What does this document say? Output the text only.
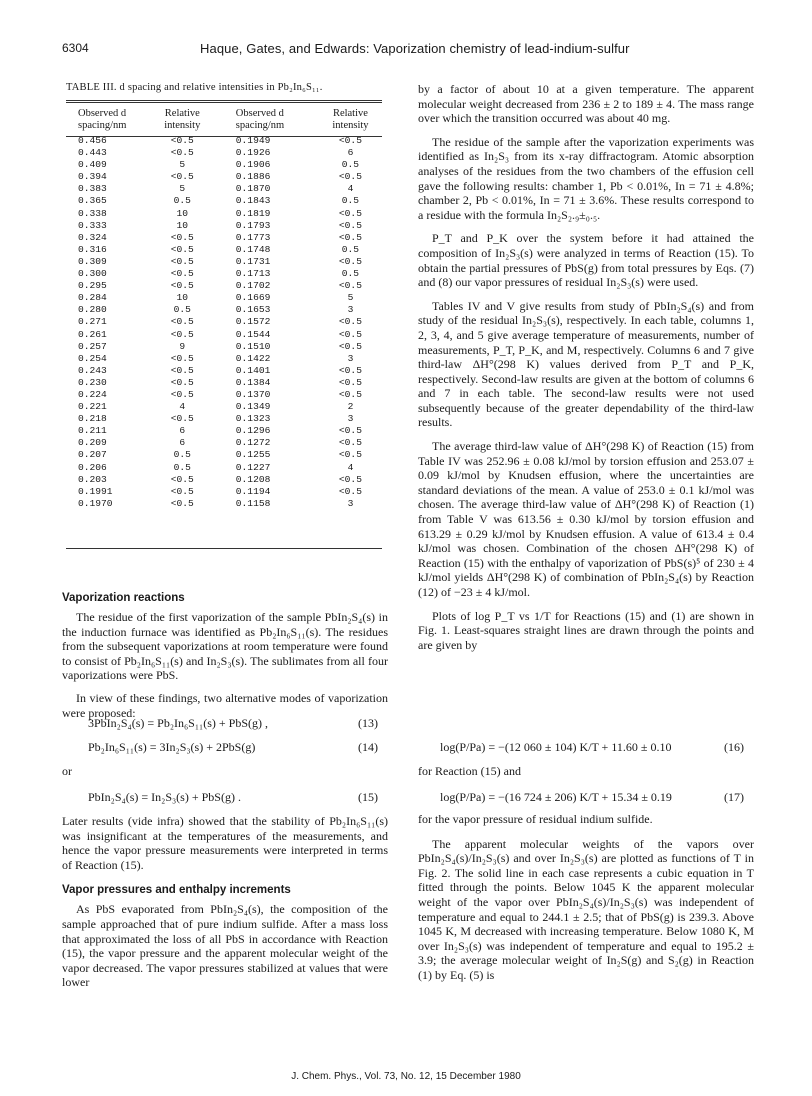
6304	Haque, Gates, and Edwards: Vaporization chemistry of lead-indium-sulfur
TABLE III. d spacing and relative intensities in Pb₂In₆S₁₁.
Observed d spacing/nm	Relative intensity	Observed d spacing/nm	Relative intensity
0.456	<0.5	0.1949	<0.5
0.443	<0.5	0.1926	6
0.409	5	0.1906	0.5
0.394	<0.5	0.1886	<0.5
0.383	5	0.1870	4
0.365	0.5	0.1843	0.5
0.338	10	0.1819	<0.5
0.333	10	0.1793	<0.5
0.324	<0.5	0.1773	<0.5
0.316	<0.5	0.1748	0.5
0.309	<0.5	0.1731	<0.5
0.300	<0.5	0.1713	0.5
0.295	<0.5	0.1702	<0.5
0.284	10	0.1669	5
0.280	0.5	0.1653	3
0.271	<0.5	0.1572	<0.5
0.261	<0.5	0.1544	<0.5
0.257	9	0.1510	<0.5
0.254	<0.5	0.1422	3
0.243	<0.5	0.1401	<0.5
0.230	<0.5	0.1384	<0.5
0.224	<0.5	0.1370	<0.5
0.221	4	0.1349	2
0.218	<0.5	0.1323	3
0.211	6	0.1296	<0.5
0.209	6	0.1272	<0.5
0.207	0.5	0.1255	<0.5
0.206	0.5	0.1227	4
0.203	<0.5	0.1208	<0.5
0.1991	<0.5	0.1194	<0.5
0.1970	<0.5	0.1158	3
Vaporization reactions

The residue of the first vaporization of the sample PbIn₂S₄(s) in the induction furnace was identified as Pb₂In₆S₁₁(s). The residues from the subsequent vaporizations at room temperature were found to consist of Pb₂In₆S₁₁(s) and In₂S₃(s). The sublimates from all four vaporizations were PbS.

In view of these findings, two alternative modes of vaporization were proposed:

3PbIn₂S₄(s) = Pb₂In₆S₁₁(s) + PbS(g) ,	(13)
Pb₂In₆S₁₁(s) = 3In₂S₃(s) + 2PbS(g)	(14)
or
PbIn₂S₄(s) = In₂S₃(s) + PbS(g) .	(15)

Later results (vide infra) showed that the stability of Pb₂In₆S₁₁(s) was insignificant at the temperatures of the measurements, and hence the vapor pressure measurements were interpreted in terms of Reaction (15).

Vapor pressures and enthalpy increments

As PbS evaporated from PbIn₂S₄(s), the composition of the sample approached that of pure indium sulfide. After a mass loss that approximated the loss of all PbS in accordance with Reaction (15), the vapor pressure and the apparent molecular weight of the vapor decreased. The vapor pressures stabilized at values that were lower

by a factor of about 10 at a given temperature. The apparent molecular weight decreased from 236 ± 2 to 189 ± 4. The mass range over which the transition occurred was about 40 mg.

The residue of the sample after the vaporization experiments was identified as In₂S₃ from its x-ray diffractogram. Atomic absorption analyses of the residues from the two chambers of the effusion cell gave the following results: chamber 1, Pb < 0.01%, In = 71 ± 4.8%; chamber 2, Pb < 0.01%, In = 71 ± 3.6%. These results correspond to a residue with the formula In₂S₂.₉±₀.₅.

P_T and P_K over the system before it had attained the composition of In₂S₃(s) were analyzed in terms of Reaction (15). To obtain the partial pressures of PbS(g) from total pressures by Eqs. (7) and (8) our vapor pressures of residual In₂S₃(s) were used.

Tables IV and V give results from study of PbIn₂S₄(s) and from study of the residual In₂S₃(s), respectively. In each table, columns 1, 2, 3, 4, and 5 give average temperature of measurements, number of measurements, P_T, P_K, and M, respectively. Columns 6 and 7 give third-law ΔH°(298 K) values derived from P_T and P_K, respectively. Second-law results are given at the bottom of columns 6 and 7 in each table. The second-law results were not used subsequently because of the greater dependability of the third-law results.

The average third-law value of ΔH°(298 K) of Reaction (15) from Table IV was 252.96 ± 0.08 kJ/mol by torsion effusion and 253.07 ± 0.09 kJ/mol by Knudsen effusion, where the uncertainties are standard deviations of the mean. A value of 253.0 ± 0.1 kJ/mol was chosen. The average third-law value of ΔH°(298 K) of Reaction (1) from Table V was 613.56 ± 0.30 kJ/mol by torsion effusion and 613.29 ± 0.29 kJ/mol by Knudsen effusion. A value of 613.4 ± 0.4 kJ/mol was chosen. Combination of the chosen ΔH°(298 K) of Reaction (15) with the enthalpy of vaporization of PbS(s)⁵ of 230 ± 4 kJ/mol yields ΔH°(298 K) of combination of PbIn₂S₄(s) by Reaction (12) of −23 ± 4 kJ/mol.

Plots of log P_T vs 1/T for Reactions (15) and (1) are shown in Fig. 1. Least-squares straight lines are drawn through the points and are given by

log(P/Pa) = −(12 060 ± 104) K/T + 11.60 ± 0.10	(16)
for Reaction (15) and
log(P/Pa) = −(16 724 ± 206) K/T + 15.34 ± 0.19	(17)

for the vapor pressure of residual indium sulfide.

The apparent molecular weights of the vapors over PbIn₂S₄(s)/In₂S₃(s) and over In₂S₃(s) are plotted as functions of T in Fig. 2. The solid line in each case represents a cubic equation in T fitted through the points. Below 1045 K the apparent molecular weight of the vapor over PbIn₂S₄(s)/In₂S₃(s) was independent of temperature and equal to 244.1 ± 2.5; that of PbS(g) is 239.3. Above 1045 K, M decreased with increasing temperature. Below 1080 K, M over In₂S₃(s) was independent of temperature and equal to 195.2 ± 3.9; the average molecular weight of In₂S(g) and S₂(g) in Reaction (1) by Eq. (5) is

J. Chem. Phys., Vol. 73, No. 12, 15 December 1980
